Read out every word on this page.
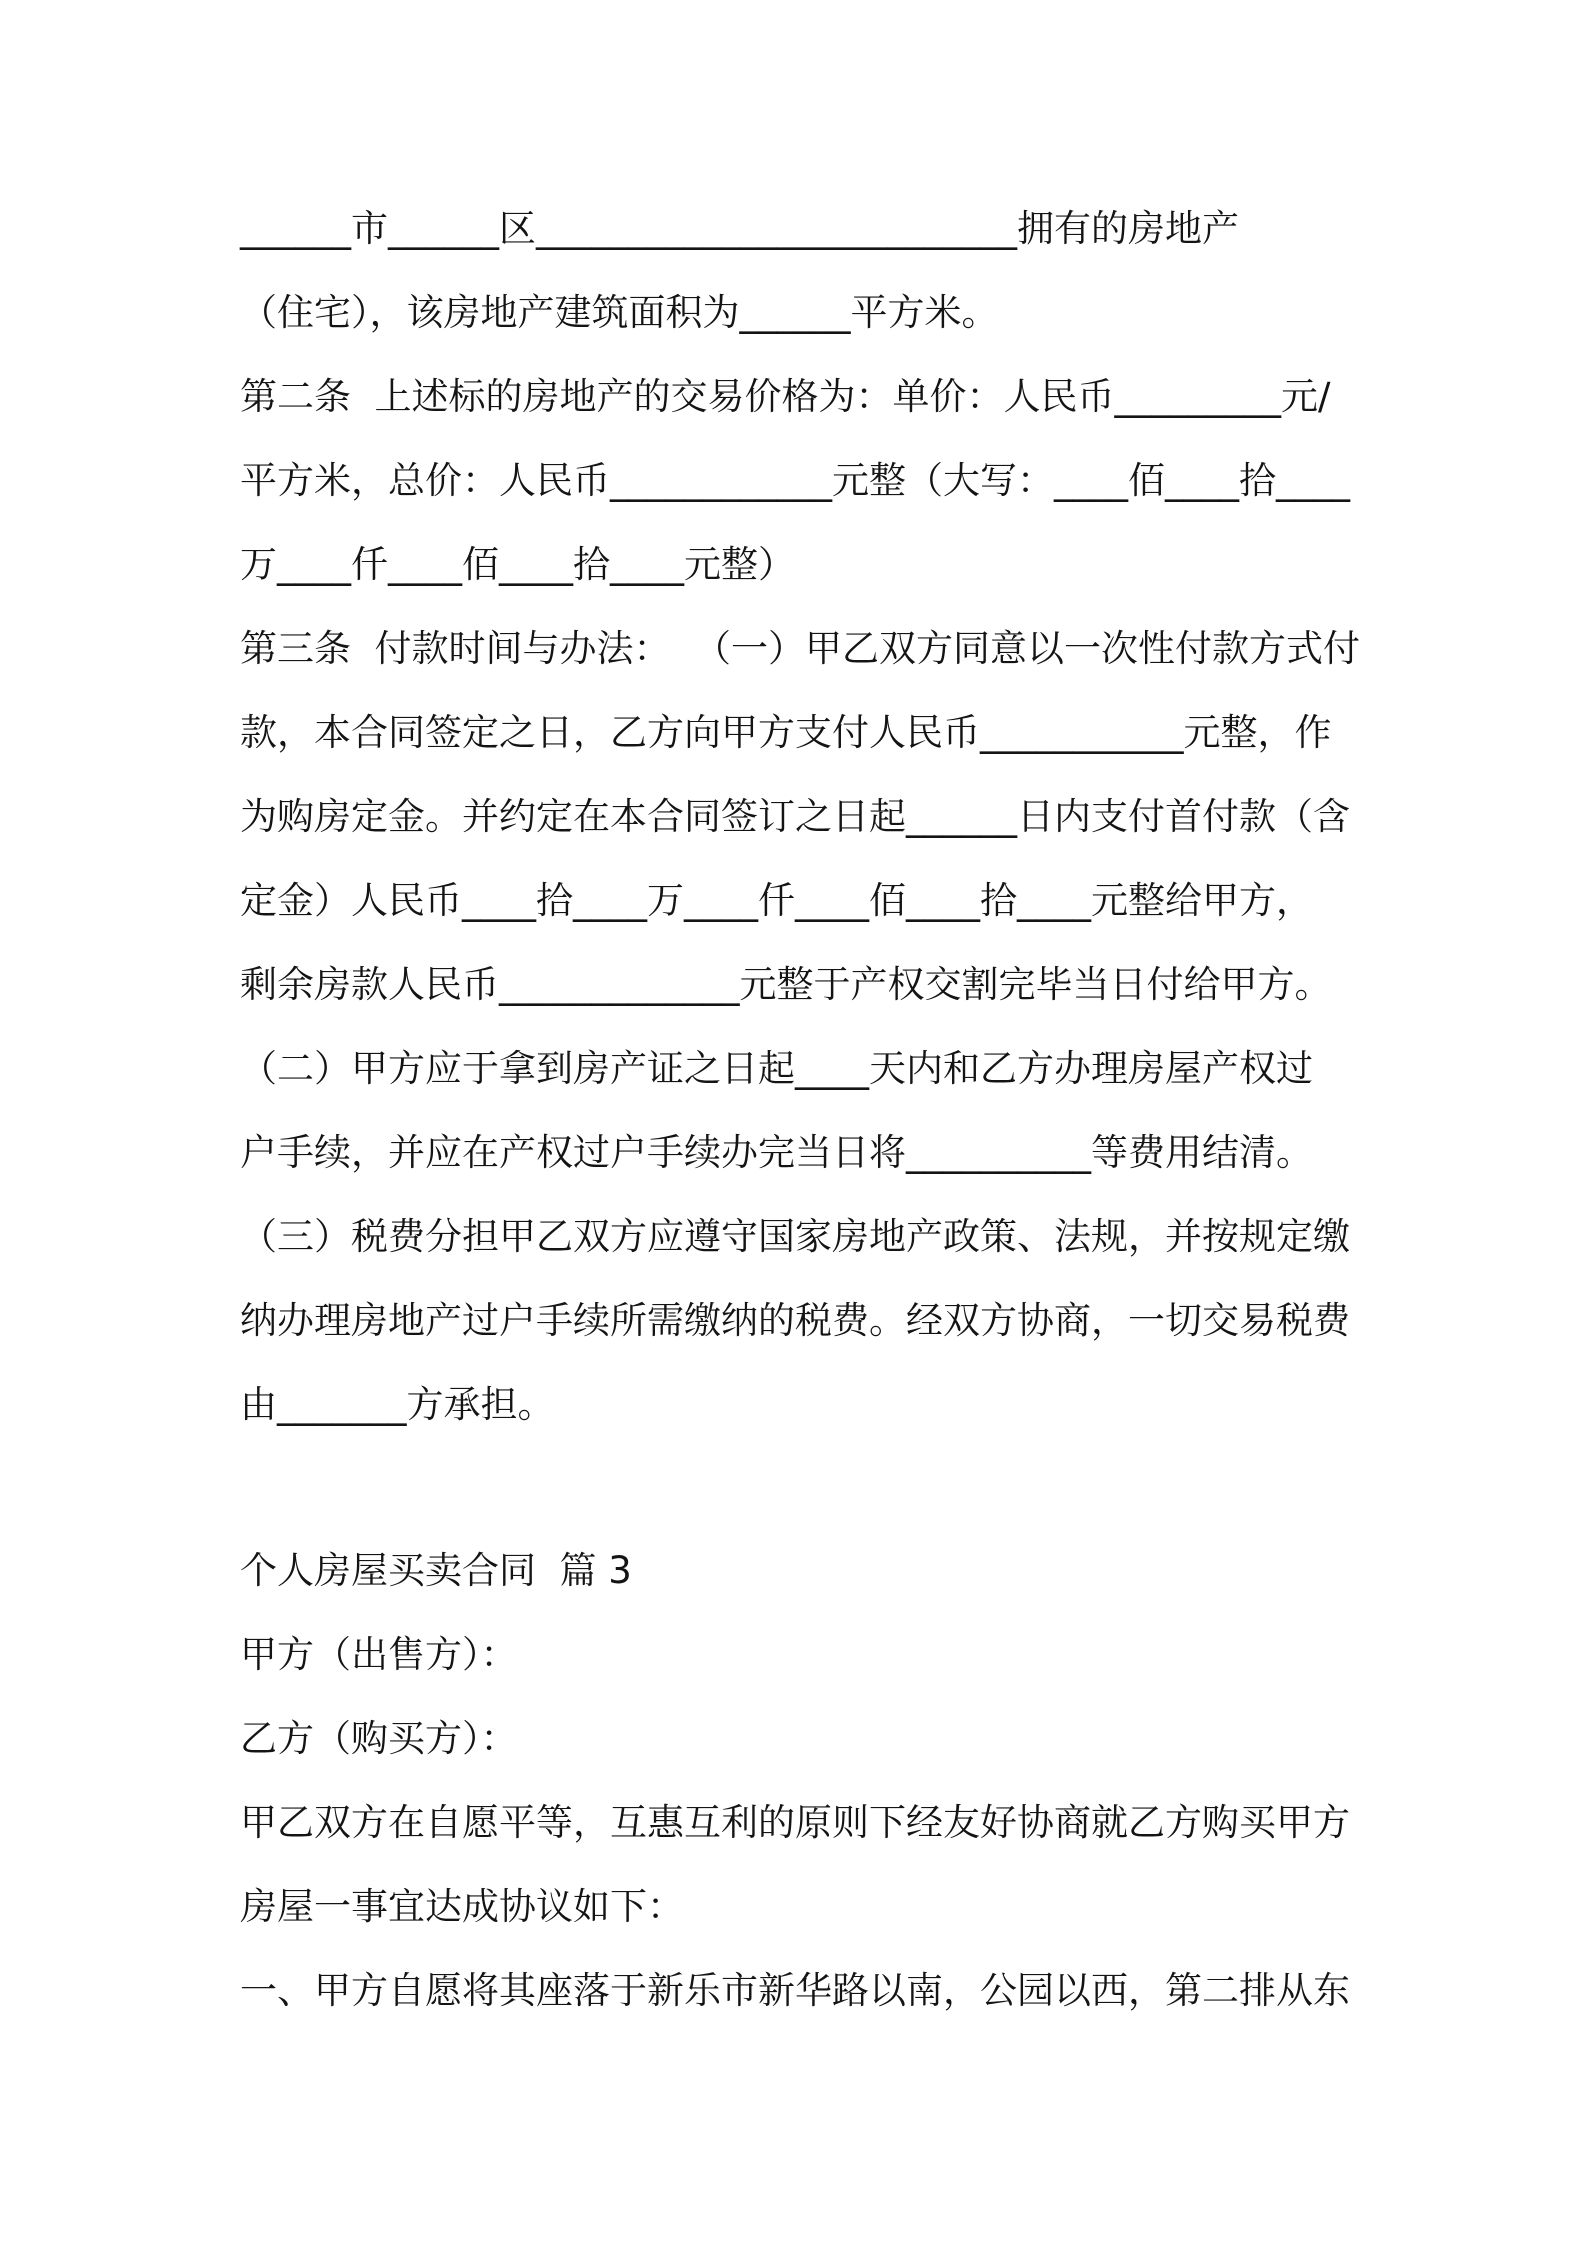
______市______区__________________________拥有的房地产
（住宅），该房地产建筑面积为______平方米。
第二条  上述标的房地产的交易价格为：单价：人民币_________元/
平方米，总价：人民币____________元整（大写：____佰____拾____
万____仟____佰____拾____元整）
第三条  付款时间与办法：  （一）甲乙双方同意以一次性付款方式付
款，本合同签定之日，乙方向甲方支付人民币___________元整，作
为购房定金。并约定在本合同签订之日起______日内支付首付款（含
定金）人民币____拾____万____仟____佰____拾____元整给甲方，
剩余房款人民币_____________元整于产权交割完毕当日付给甲方。
（二）甲方应于拿到房产证之日起____天内和乙方办理房屋产权过
户手续，并应在产权过户手续办完当日将__________等费用结清。
（三）税费分担甲乙双方应遵守国家房地产政策、法规，并按规定缴
纳办理房地产过户手续所需缴纳的税费。经双方协商，一切交易税费
由_______方承担。
个人房屋买卖合同  篇 3
甲方（出售方）：
乙方（购买方）：
甲乙双方在自愿平等，互惠互利的原则下经友好协商就乙方购买甲方
房屋一事宜达成协议如下：
一、甲方自愿将其座落于新乐市新华路以南，公园以西，第二排从东
